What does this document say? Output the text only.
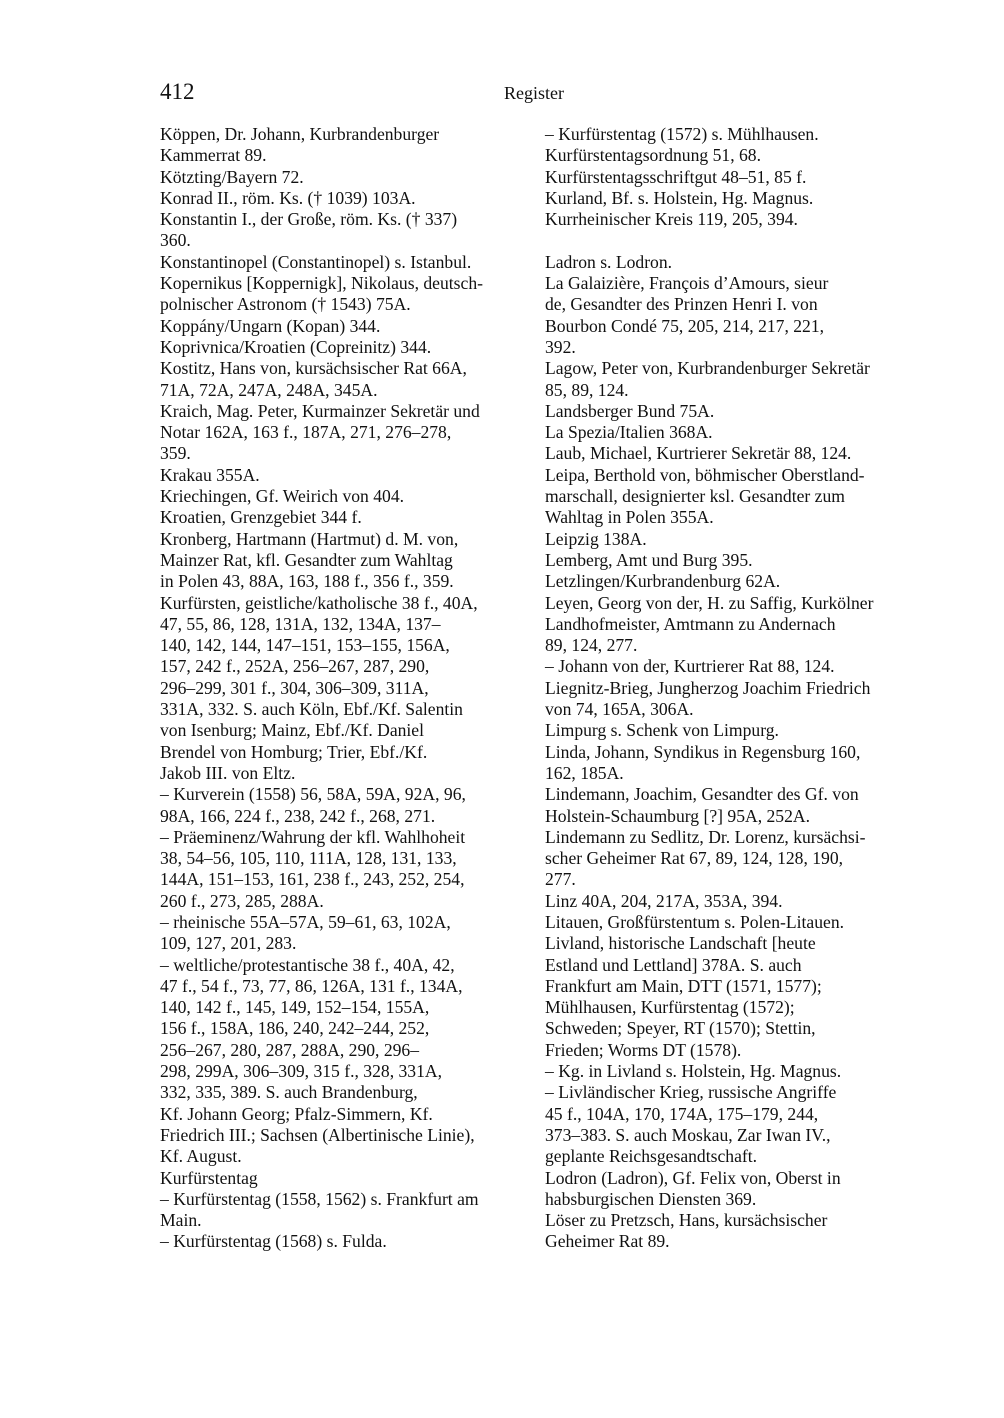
412	Register
Köppen, Dr. Johann, Kurbrandenburger
Kammerrat 89.
Kötzting/Bayern 72.
Konrad II., röm. Ks. († 1039) 103A.
Konstantin I., der Große, röm. Ks. († 337)
360.
Konstantinopel (Constantinopel) s. Istanbul.
Kopernikus [Koppernigk], Nikolaus, deutsch-
polnischer Astronom († 1543) 75A.
Koppány/Ungarn (Kopan) 344.
Koprivnica/Kroatien (Copreinitz) 344.
Kostitz, Hans von, kursächsischer Rat 66A,
71A, 72A, 247A, 248A, 345A.
Kraich, Mag. Peter, Kurmainzer Sekretär und
Notar 162A, 163 f., 187A, 271, 276–278,
359.
Krakau 355A.
Kriechingen, Gf. Weirich von 404.
Kroatien, Grenzgebiet 344 f.
Kronberg, Hartmann (Hartmut) d. M. von,
Mainzer Rat, kfl. Gesandter zum Wahltag
in Polen 43, 88A, 163, 188 f., 356 f., 359.
Kurfürsten, geistliche/katholische 38 f., 40A,
47, 55, 86, 128, 131A, 132, 134A, 137–
140, 142, 144, 147–151, 153–155, 156A,
157, 242 f., 252A, 256–267, 287, 290,
296–299, 301 f., 304, 306–309, 311A,
331A, 332. S. auch Köln, Ebf./Kf. Salentin
von Isenburg; Mainz, Ebf./Kf. Daniel
Brendel von Homburg; Trier, Ebf./Kf.
Jakob III. von Eltz.
– Kurverein (1558) 56, 58A, 59A, 92A, 96,
98A, 166, 224 f., 238, 242 f., 268, 271.
– Präeminenz/Wahrung der kfl. Wahlhoheit
38, 54–56, 105, 110, 111A, 128, 131, 133,
144A, 151–153, 161, 238 f., 243, 252, 254,
260 f., 273, 285, 288A.
– rheinische 55A–57A, 59–61, 63, 102A,
109, 127, 201, 283.
– weltliche/protestantische 38 f., 40A, 42,
47 f., 54 f., 73, 77, 86, 126A, 131 f., 134A,
140, 142 f., 145, 149, 152–154, 155A,
156 f., 158A, 186, 240, 242–244, 252,
256–267, 280, 287, 288A, 290, 296–
298, 299A, 306–309, 315 f., 328, 331A,
332, 335, 389. S. auch Brandenburg,
Kf. Johann Georg; Pfalz-Simmern, Kf.
Friedrich III.; Sachsen (Albertinische Linie),
Kf. August.
Kurfürstentag
– Kurfürstentag (1558, 1562) s. Frankfurt am
Main.
– Kurfürstentag (1568) s. Fulda.
– Kurfürstentag (1572) s. Mühlhausen.
Kurfürstentagsordnung 51, 68.
Kurfürstentagsschriftgut 48–51, 85 f.
Kurland, Bf. s. Holstein, Hg. Magnus.
Kurrheinischer Kreis 119, 205, 394.
Ladron s. Lodron.
La Galaizière, François d’Amours, sieur
de, Gesandter des Prinzen Henri I. von
Bourbon Condé 75, 205, 214, 217, 221,
392.
Lagow, Peter von, Kurbrandenburger Sekretär
85, 89, 124.
Landsberger Bund 75A.
La Spezia/Italien 368A.
Laub, Michael, Kurtrierer Sekretär 88, 124.
Leipa, Berthold von, böhmischer Oberstland-
marschall, designierter ksl. Gesandter zum
Wahltag in Polen 355A.
Leipzig 138A.
Lemberg, Amt und Burg 395.
Letzlingen/Kurbrandenburg 62A.
Leyen, Georg von der, H. zu Saffig, Kurkölner
Landhofmeister, Amtmann zu Andernach
89, 124, 277.
– Johann von der, Kurtrierer Rat 88, 124.
Liegnitz-Brieg, Jungherzog Joachim Friedrich
von 74, 165A, 306A.
Limpurg s. Schenk von Limpurg.
Linda, Johann, Syndikus in Regensburg 160,
162, 185A.
Lindemann, Joachim, Gesandter des Gf. von
Holstein-Schaumburg [?] 95A, 252A.
Lindemann zu Sedlitz, Dr. Lorenz, kursächsi-
scher Geheimer Rat 67, 89, 124, 128, 190,
277.
Linz 40A, 204, 217A, 353A, 394.
Litauen, Großfürstentum s. Polen-Litauen.
Livland, historische Landschaft [heute
Estland und Lettland] 378A. S. auch
Frankfurt am Main, DTT (1571, 1577);
Mühlhausen, Kurfürstentag (1572);
Schweden; Speyer, RT (1570); Stettin,
Frieden; Worms DT (1578).
– Kg. in Livland s. Holstein, Hg. Magnus.
– Livländischer Krieg, russische Angriffe
45 f., 104A, 170, 174A, 175–179, 244,
373–383. S. auch Moskau, Zar Iwan IV.,
geplante Reichsgesandtschaft.
Lodron (Ladron), Gf. Felix von, Oberst in
habsburgischen Diensten 369.
Löser zu Pretzsch, Hans, kursächsischer
Geheimer Rat 89.
